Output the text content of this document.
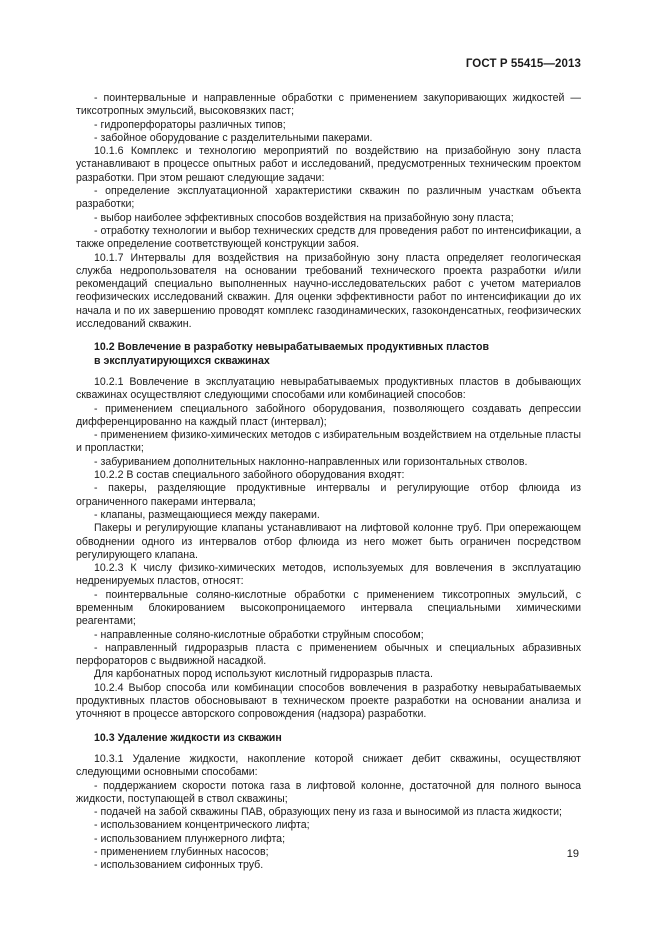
ГОСТ Р 55415—2013

- поинтервальные и направленные обработки с применением закупоривающих жидкостей — тиксотропных эмульсий, высоковязких паст;

- гидроперфораторы различных типов;

- забойное оборудование с разделительными пакерами.

10.1.6 Комплекс и технологию мероприятий по воздействию на призабойную зону пласта устанавливают в процессе опытных работ и исследований, предусмотренных техническим проектом разработки. При этом решают следующие задачи:

- определение эксплуатационной характеристики скважин по различным участкам объекта разработки;

- выбор наиболее эффективных способов воздействия на призабойную зону пласта;

- отработку технологии и выбор технических средств для проведения работ по интенсификации, а также определение соответствующей конструкции забоя.

10.1.7 Интервалы для воздействия на призабойную зону пласта определяет геологическая служба недропользователя на основании требований технического проекта разработки и/или рекомендаций специально выполненных научно-исследовательских работ с учетом материалов геофизических исследований скважин. Для оценки эффективности работ по интенсификации до их начала и по их завершению проводят комплекс газодинамических, газоконденсатных, геофизических исследований скважин.

10.2 Вовлечение в разработку невырабатываемых продуктивных пластов
в эксплуатирующихся скважинах

10.2.1 Вовлечение в эксплуатацию невырабатываемых продуктивных пластов в добывающих скважинах осуществляют следующими способами или комбинацией способов:

- применением специального забойного оборудования, позволяющего создавать депрессии дифференцированно на каждый пласт (интервал);

- применением физико-химических методов с избирательным воздействием на отдельные пласты и пропластки;

- забуриванием дополнительных наклонно-направленных или горизонтальных стволов.

10.2.2 В состав специального забойного оборудования входят:

- пакеры, разделяющие продуктивные интервалы и регулирующие отбор флюида из ограниченного пакерами интервала;

- клапаны, размещающиеся между пакерами.

Пакеры и регулирующие клапаны устанавливают на лифтовой колонне труб. При опережающем обводнении одного из интервалов отбор флюида из него может быть ограничен посредством регулирующего клапана.

10.2.3 К числу физико-химических методов, используемых для вовлечения в эксплуатацию недренируемых пластов, относят:

- поинтервальные соляно-кислотные обработки с применением тиксотропных эмульсий, с временным блокированием высокопроницаемого интервала специальными химическими реагентами;

- направленные соляно-кислотные обработки струйным способом;

- направленный гидроразрыв пласта с применением обычных и специальных абразивных перфораторов с выдвижной насадкой.

Для карбонатных пород используют кислотный гидроразрыв пласта.

10.2.4 Выбор способа или комбинации способов вовлечения в разработку невырабатываемых продуктивных пластов обосновывают в техническом проекте разработки на основании анализа и уточняют в процессе авторского сопровождения (надзора) разработки.

10.3 Удаление жидкости из скважин

10.3.1 Удаление жидкости, накопление которой снижает дебит скважины, осуществляют следующими основными способами:

- поддержанием скорости потока газа в лифтовой колонне, достаточной для полного выноса жидкости, поступающей в ствол скважины;

- подачей на забой скважины ПАВ, образующих пену из газа и выносимой из пласта жидкости;

- использованием концентрического лифта;

- использованием плунжерного лифта;

- применением глубинных насосов;

- использованием сифонных труб.

19
